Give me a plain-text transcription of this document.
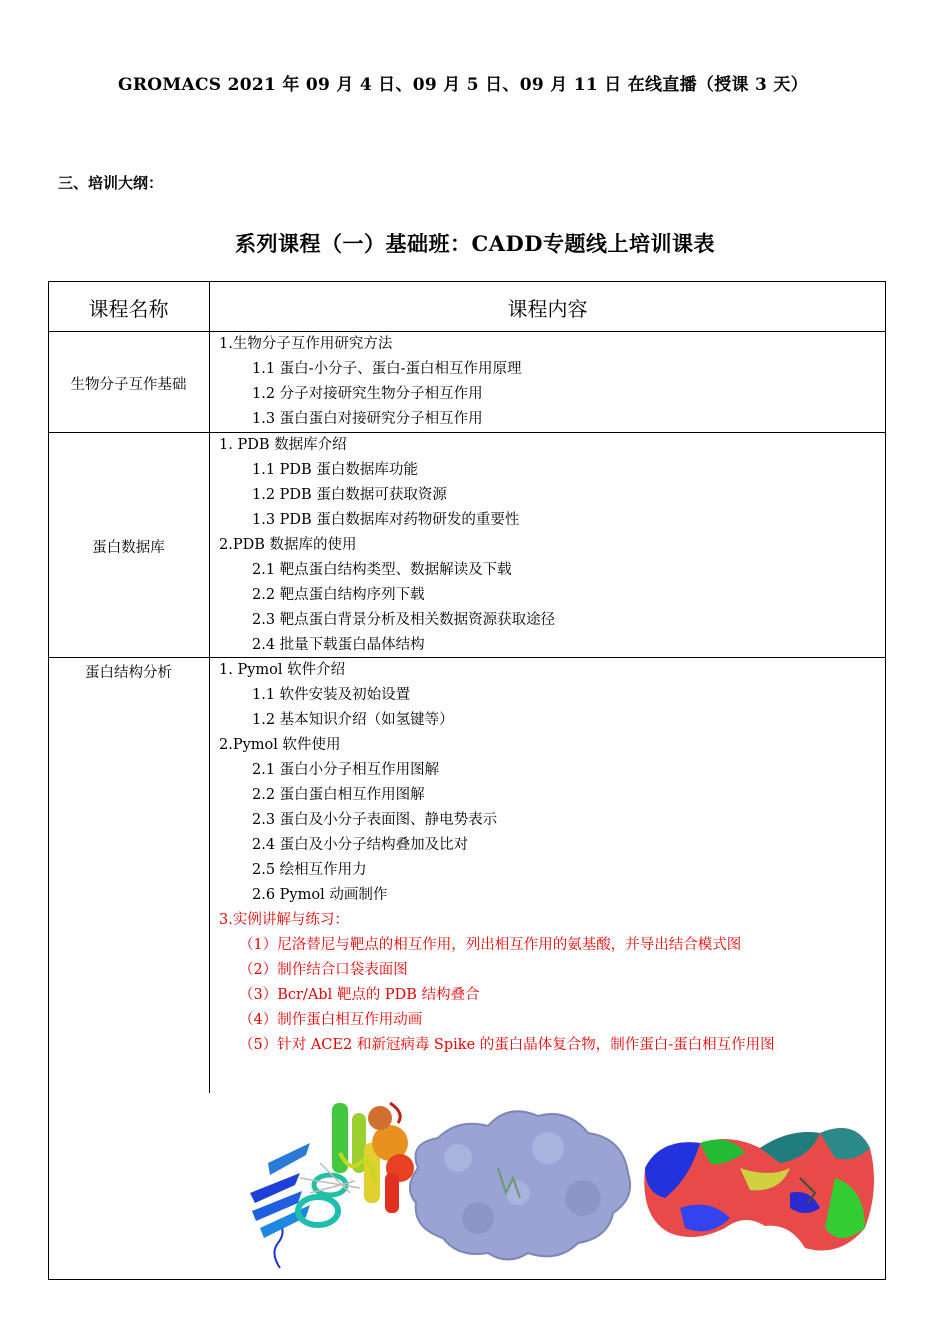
GROMACS 2021 年 09 月 4 日、09 月 5 日、09 月 11 日 在线直播（授课 3 天）
三、培训大纲：
系列课程（一）基础班：CADD专题线上培训课表
课程名称	课程内容
生物分子互作基础
1.生物分子互作用研究方法
1.1 蛋白-小分子、蛋白-蛋白相互作用原理
1.2 分子对接研究生物分子相互作用
1.3 蛋白蛋白对接研究分子相互作用
蛋白数据库
1. PDB 数据库介绍
1.1 PDB 蛋白数据库功能
1.2 PDB 蛋白数据可获取资源
1.3 PDB 蛋白数据库对药物研发的重要性
2.PDB 数据库的使用
2.1 靶点蛋白结构类型、数据解读及下载
2.2 靶点蛋白结构序列下载
2.3 靶点蛋白背景分析及相关数据资源获取途径
2.4 批量下载蛋白晶体结构
蛋白结构分析	1. Pymol 软件介绍
1.1 软件安装及初始设置
1.2 基本知识介绍（如氢键等）
2.Pymol 软件使用
2.1 蛋白小分子相互作用图解
2.2 蛋白蛋白相互作用图解
2.3 蛋白及小分子表面图、静电势表示
2.4 蛋白及小分子结构叠加及比对
2.5 绘相互作用力
2.6 Pymol 动画制作
3.实例讲解与练习：
（1）尼洛替尼与靶点的相互作用，列出相互作用的氨基酸，并导出结合模式图
（2）制作结合口袋表面图
（3）Bcr/Abl 靶点的 PDB 结构叠合
（4）制作蛋白相互作用动画
（5）针对 ACE2 和新冠病毒 Spike 的蛋白晶体复合物，制作蛋白-蛋白相互作用图
